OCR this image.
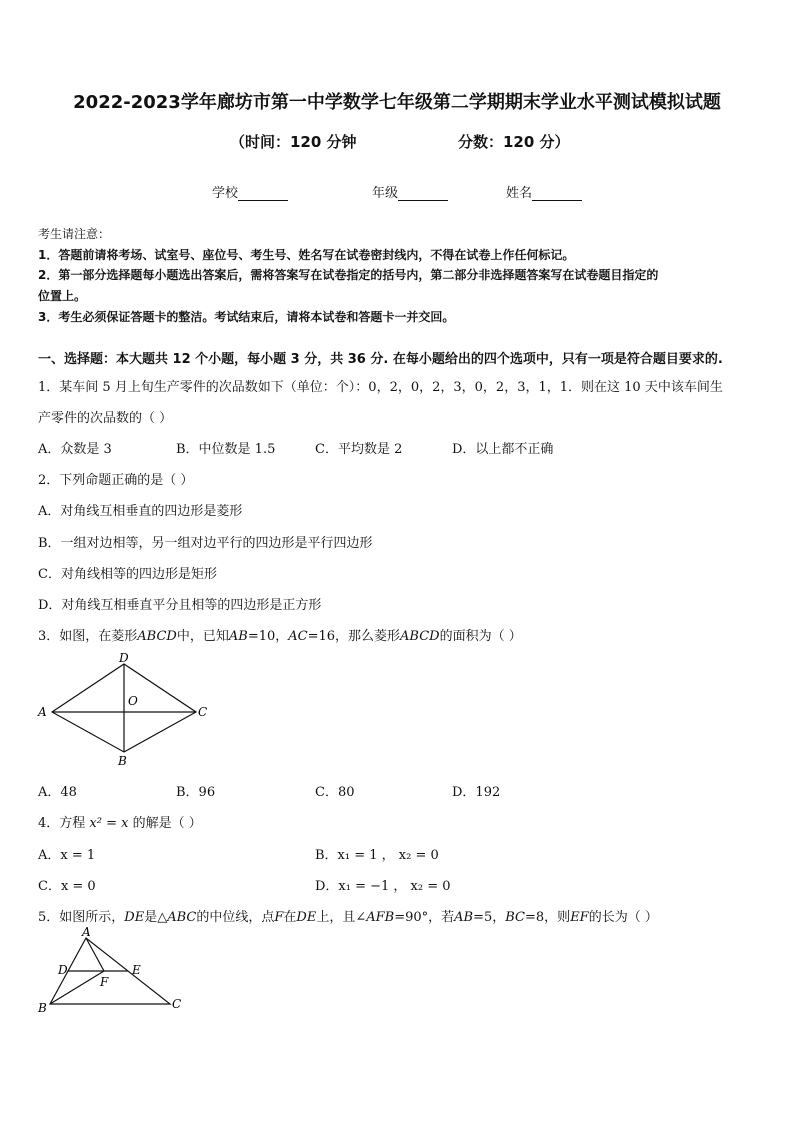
2022-2023学年廊坊市第一中学数学七年级第二学期期末学业水平测试模拟试题
（时间：120 分钟	分数：120 分）
学校	年级	姓名
考生请注意：
1．答题前请将考场、试室号、座位号、考生号、姓名写在试卷密封线内，不得在试卷上作任何标记。
2．第一部分选择题每小题选出答案后，需将答案写在试卷指定的括号内，第二部分非选择题答案写在试卷题目指定的
位置上。
3．考生必须保证答题卡的整洁。考试结束后，请将本试卷和答题卡一并交回。
一、选择题：本大题共 12 个小题，每小题 3 分，共 36 分. 在每小题给出的四个选项中，只有一项是符合题目要求的.
1．某车间 5 月上旬生产零件的次品数如下（单位：个）：0，2，0，2，3，0，2，3，1，1．则在这 10 天中该车间生
产零件的次品数的（ ）
A．众数是 3	B．中位数是 1.5	C．平均数是 2	D．以上都不正确
2．下列命题正确的是（ ）
A．对角线互相垂直的四边形是菱形
B．一组对边相等，另一组对边平行的四边形是平行四边形
C．对角线相等的四边形是矩形
D．对角线互相垂直平分且相等的四边形是正方形
3．如图，在菱形ABCD中，已知AB=10，AC=16，那么菱形ABCD的面积为（ ）
D
O
A	C
B
A．48	B．96	C．80	D．192
4．方程 x² = x 的解是（ ）
A．x = 1	B．x₁ = 1 ， x₂ = 0
C．x = 0	D．x₁ = −1 ， x₂ = 0
5．如图所示，DE是△ABC的中位线，点F在DE上，且∠AFB=90°，若AB=5，BC=8，则EF的长为（ ）
A
D	E
F
B	C
